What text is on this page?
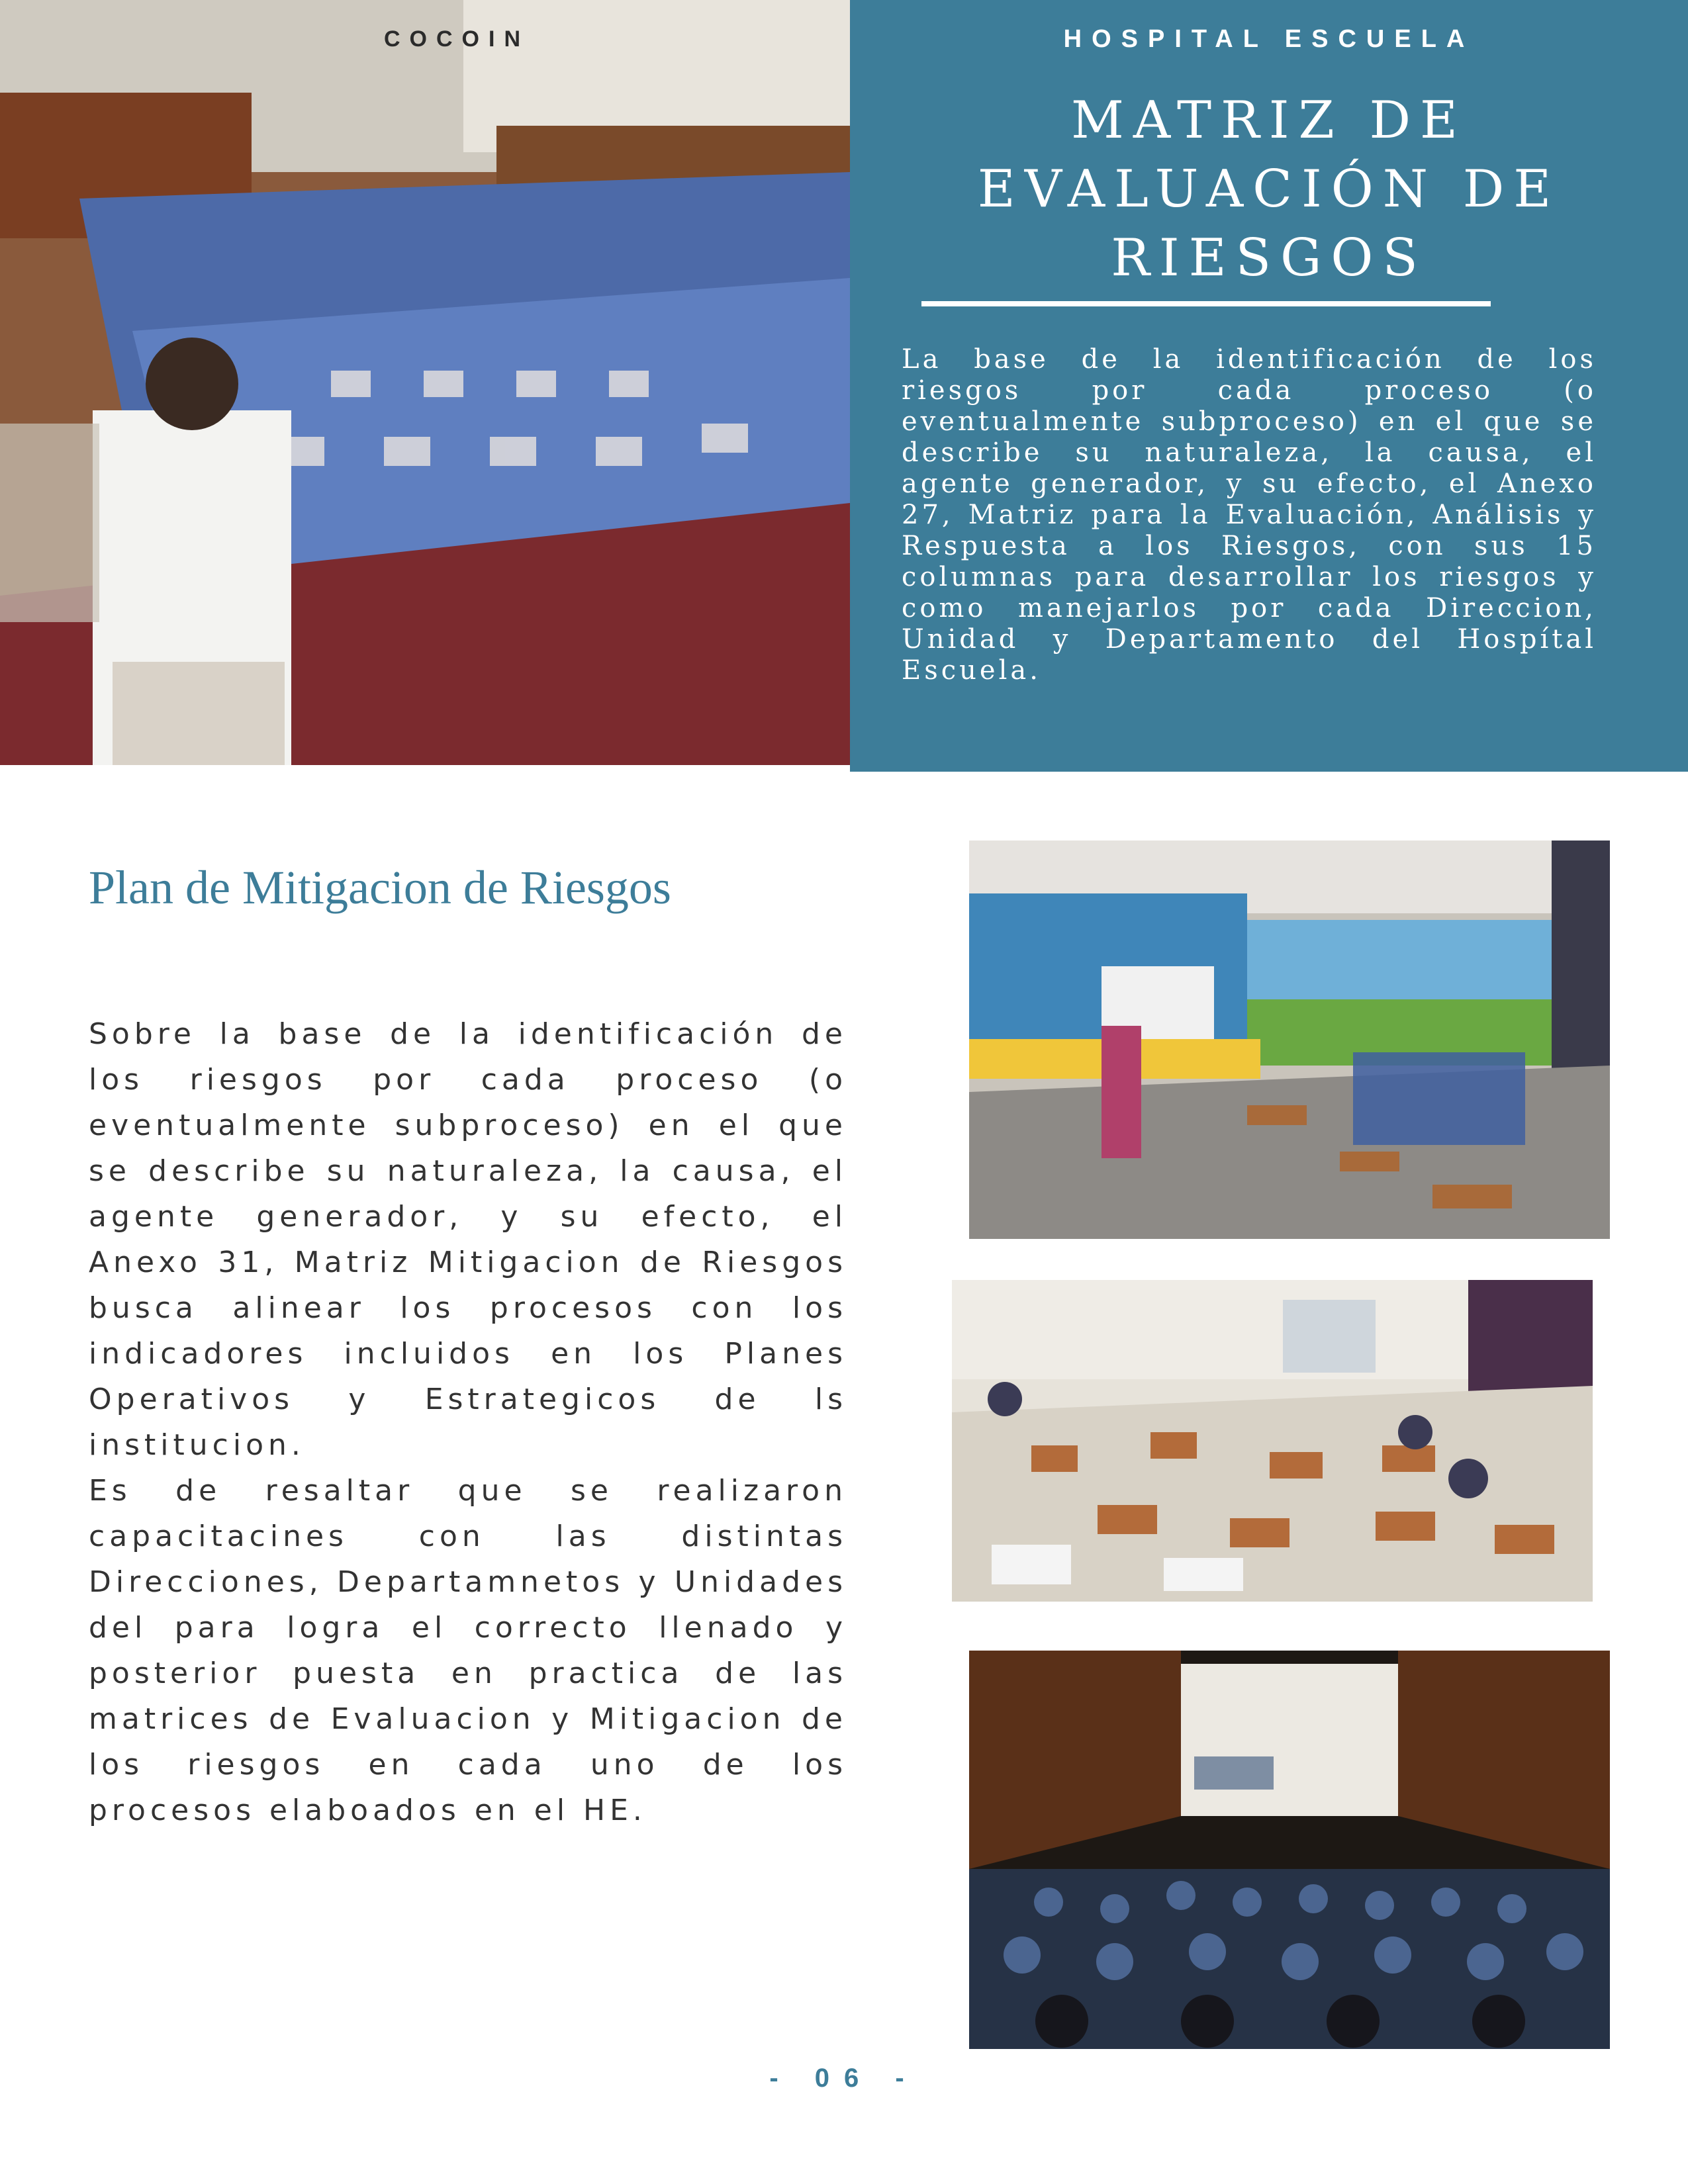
COCOIN	HOSPITAL ESCUELA
MATRIZ DE EVALUACIÓN DE RIESGOS
La base de la identificación de los riesgos por cada proceso (o eventualmente subproceso) en el que se describe su naturaleza, la causa, el agente generador, y su efecto, el Anexo 27, Matriz para la Evaluación, Análisis y Respuesta a los Riesgos, con sus 15 columnas para desarrollar los riesgos y como manejarlos por cada Direccion, Unidad y Departamento del Hospítal Escuela.
Plan de Mitigacion de Riesgos
Sobre la base de la identificación de los riesgos por cada proceso (o eventualmente subproceso) en el que se describe su naturaleza, la causa, el agente generador, y su efecto, el Anexo 31, Matriz Mitigacion de Riesgos busca alinear los procesos con los indicadores incluidos en los Planes Operativos y Estrategicos de ls institucion.
Es de resaltar que se realizaron capacitacines con las distintas Direcciones, Departamnetos y Unidades del para logra el correcto llenado y posterior puesta en practica de las matrices de Evaluacion y Mitigacion de los riesgos en cada uno de los procesos elaboados en el HE.
- 06 -
